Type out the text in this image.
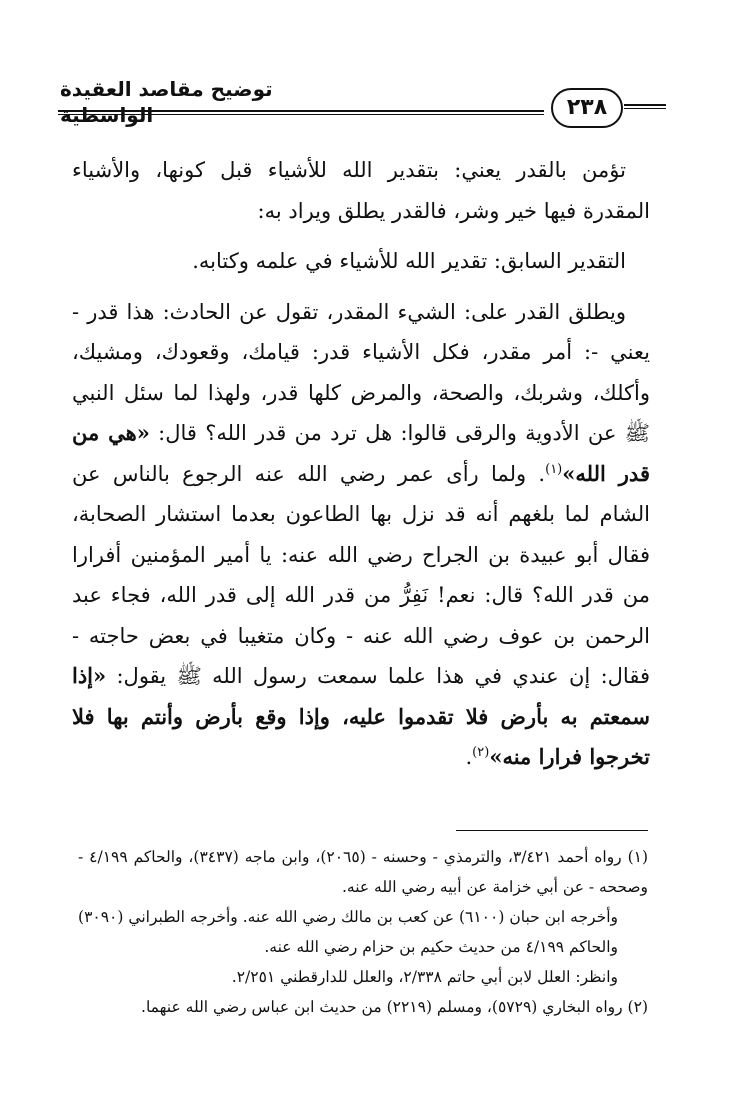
توضيح مقاصد العقيدة الواسطية	٢٣٨

تؤمن بالقدر يعني: بتقدير الله للأشياء قبل كونها، والأشياء المقدرة فيها خير وشر، فالقدر يطلق ويراد به:

التقدير السابق: تقدير الله للأشياء في علمه وكتابه.

ويطلق القدر على: الشيء المقدر، تقول عن الحادث: هذا قدر - يعني -: أمر مقدر، فكل الأشياء قدر: قيامك، وقعودك، ومشيك، وأكلك، وشربك، والصحة، والمرض كلها قدر، ولهذا لما سئل النبي ﷺ عن الأدوية والرقى قالوا: هل ترد من قدر الله؟ قال: «هي من قدر الله»$^{(١)}$. ولما رأى عمر رضي الله عنه الرجوع بالناس عن الشام لما بلغهم أنه قد نزل بها الطاعون بعدما استشار الصحابة، فقال أبو عبيدة بن الجراح رضي الله عنه: يا أمير المؤمنين أفرارا من قدر الله؟ قال: نعم! نَفِرُّ من قدر الله إلى قدر الله، فجاء عبد الرحمن بن عوف رضي الله عنه - وكان متغيبا في بعض حاجته - فقال: إن عندي في هذا علما سمعت رسول الله ﷺ يقول: «إذا سمعتم به بأرض فلا تقدموا عليه، وإذا وقع بأرض وأنتم بها فلا تخرجوا فرارا منه»$^{(٢)}$.

(١) رواه أحمد ٣/٤٢١، والترمذي - وحسنه - (٢٠٦٥)، وابن ماجه (٣٤٣٧)، والحاكم ٤/١٩٩ - وصححه - عن أبي خزامة عن أبيه رضي الله عنه.

وأخرجه ابن حبان (٦١٠٠) عن كعب بن مالك رضي الله عنه. وأخرجه الطبراني (٣٠٩٠) والحاكم ٤/١٩٩ من حديث حكيم بن حزام رضي الله عنه.

وانظر: العلل لابن أبي حاتم ٢/٣٣٨، والعلل للدارقطني ٢/٢٥١.

(٢) رواه البخاري (٥٧٢٩)، ومسلم (٢٢١٩) من حديث ابن عباس رضي الله عنهما.
